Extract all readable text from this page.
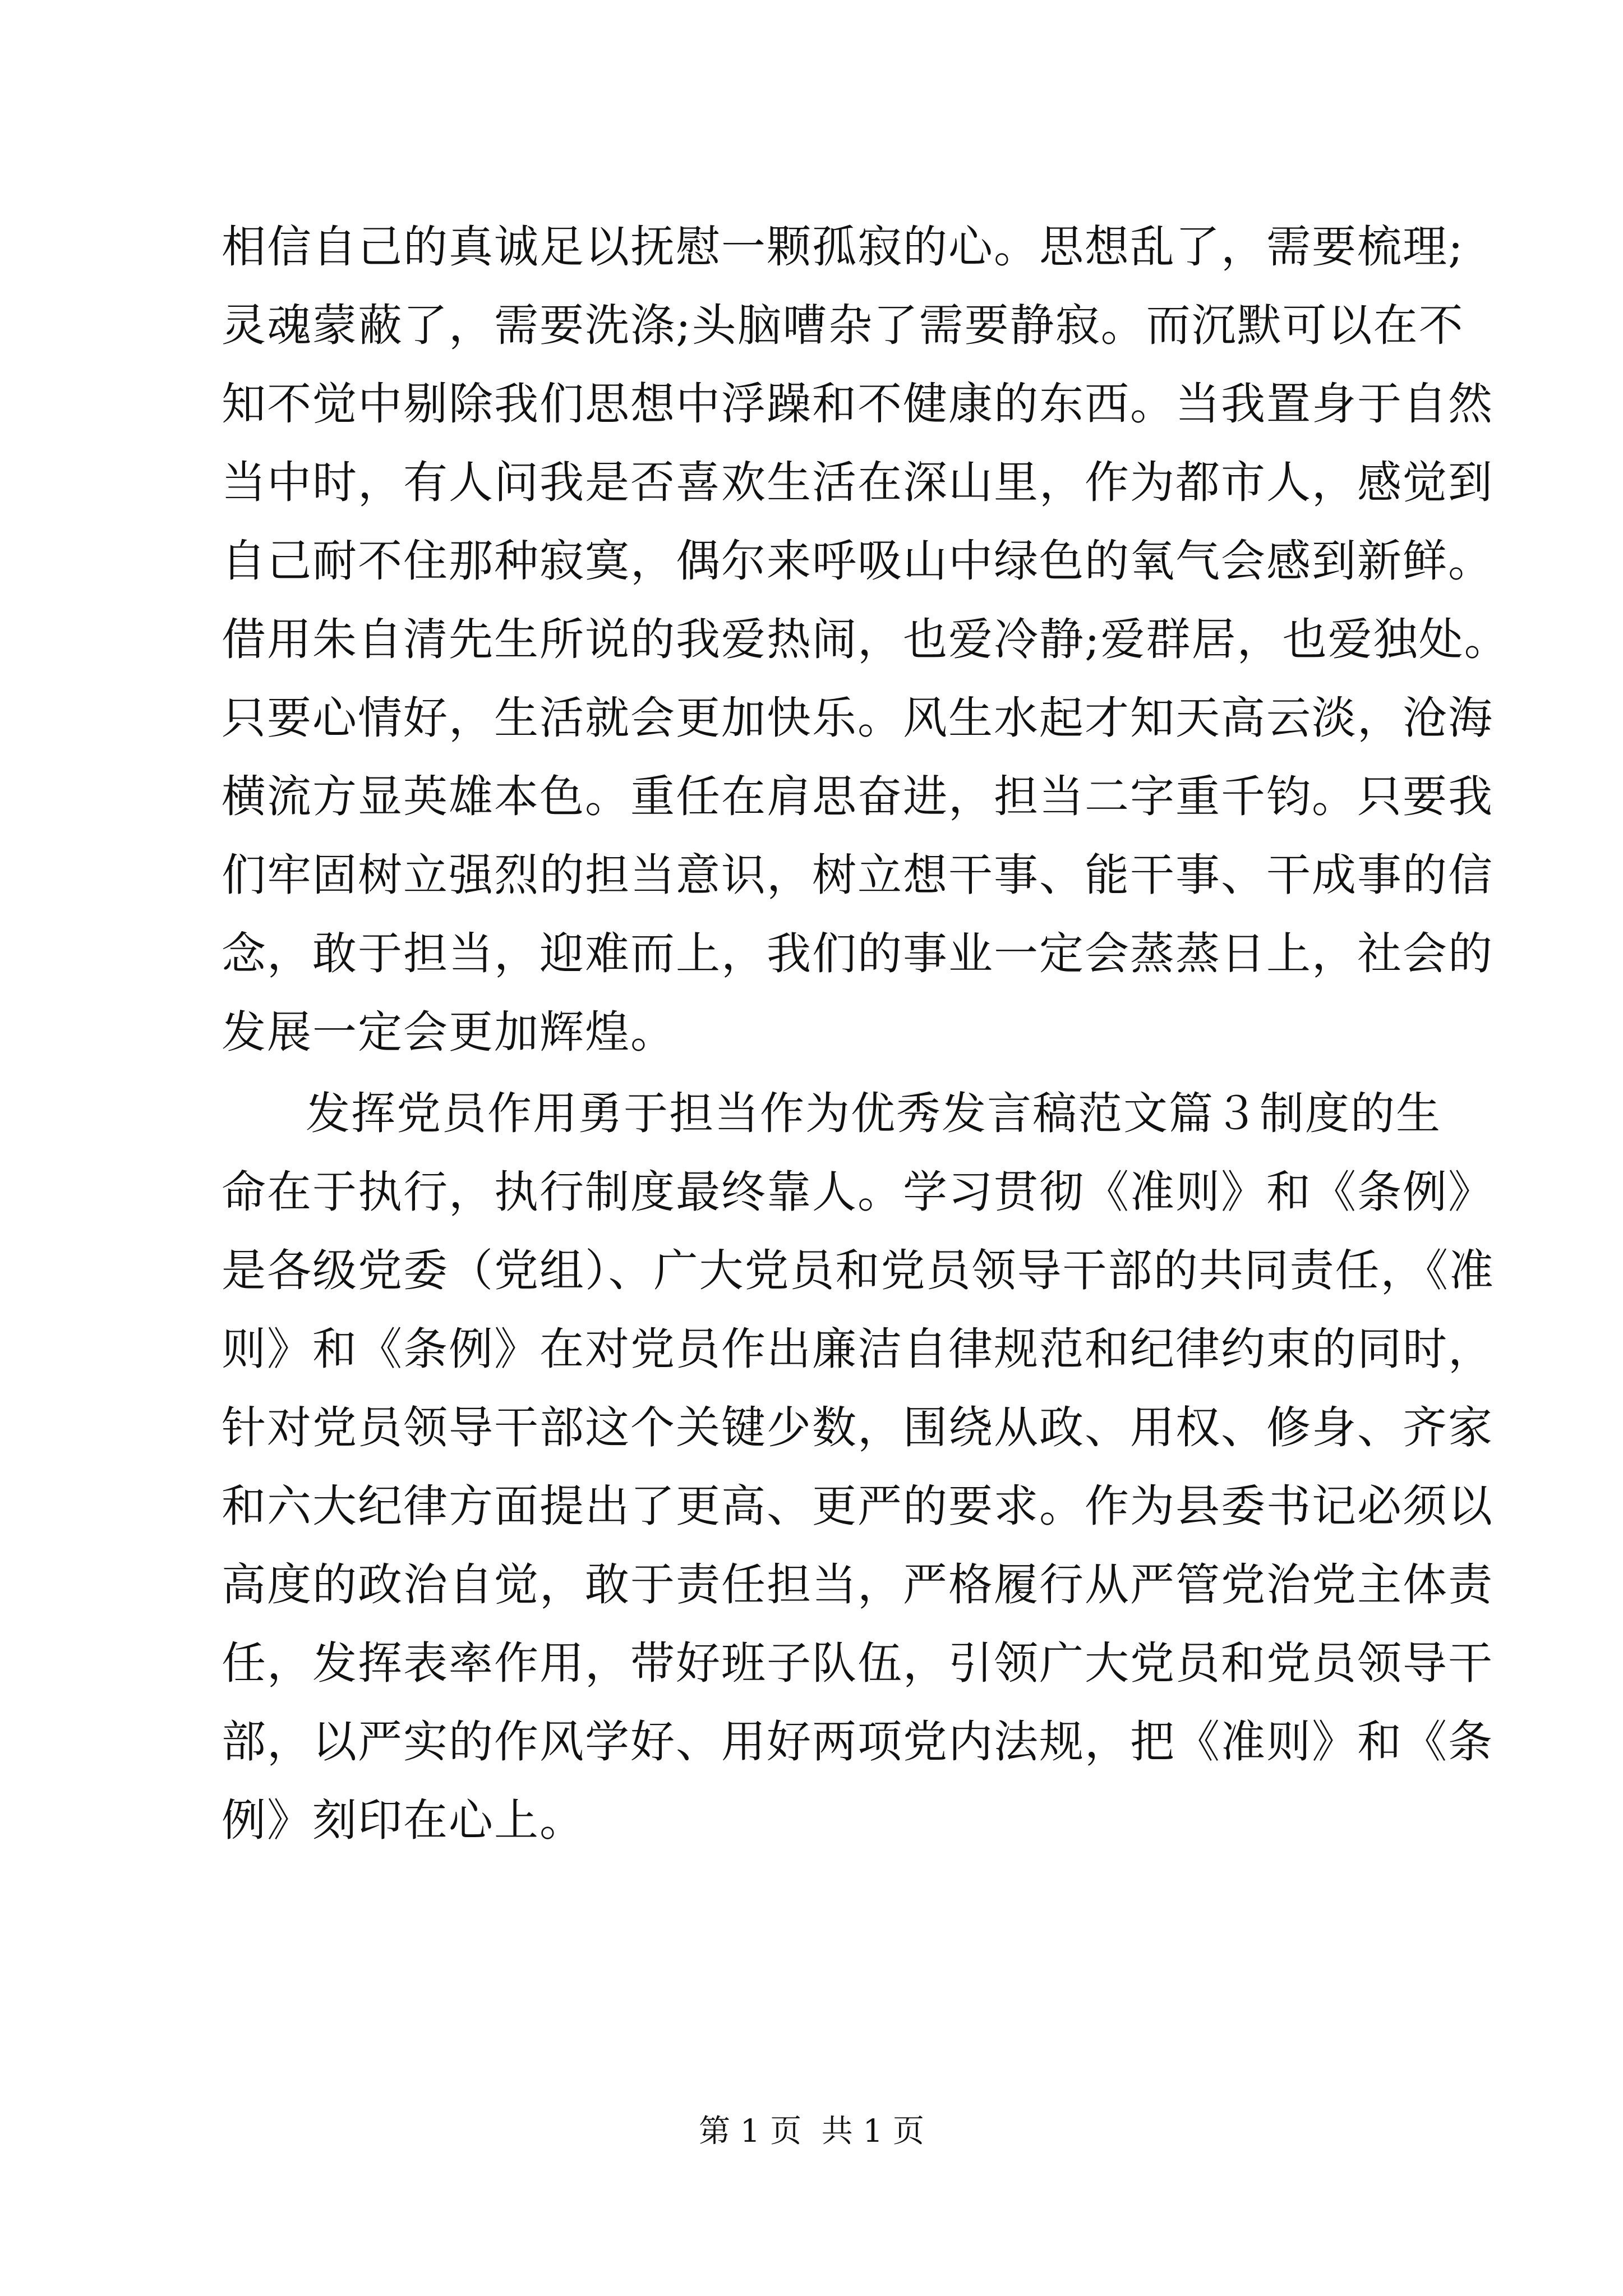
相信自己的真诚足以抚慰一颗孤寂的心。思想乱了，需要梳理;
灵魂蒙蔽了，需要洗涤;头脑嘈杂了需要静寂。而沉默可以在不
知不觉中剔除我们思想中浮躁和不健康的东西。当我置身于自然
当中时，有人问我是否喜欢生活在深山里，作为都市人，感觉到
自己耐不住那种寂寞，偶尔来呼吸山中绿色的氧气会感到新鲜。
借用朱自清先生所说的我爱热闹，也爱冷静;爱群居，也爱独处。
只要心情好，生活就会更加快乐。风生水起才知天高云淡，沧海
横流方显英雄本色。重任在肩思奋进，担当二字重千钧。只要我
们牢固树立强烈的担当意识，树立想干事、能干事、干成事的信
念，敢于担当，迎难而上，我们的事业一定会蒸蒸日上，社会的
发展一定会更加辉煌。
发挥党员作用勇于担当作为优秀发言稿范文篇３制度的生
命在于执行，执行制度最终靠人。学习贯彻《准则》和《条例》
是各级党委（党组）、广大党员和党员领导干部的共同责任，《准
则》和《条例》在对党员作出廉洁自律规范和纪律约束的同时，
针对党员领导干部这个关键少数，围绕从政、用权、修身、齐家
和六大纪律方面提出了更高、更严的要求。作为县委书记必须以
高度的政治自觉，敢于责任担当，严格履行从严管党治党主体责
任，发挥表率作用，带好班子队伍，引领广大党员和党员领导干
部，以严实的作风学好、用好两项党内法规，把《准则》和《条
例》刻印在心上。
第 1 页  共 1 页
